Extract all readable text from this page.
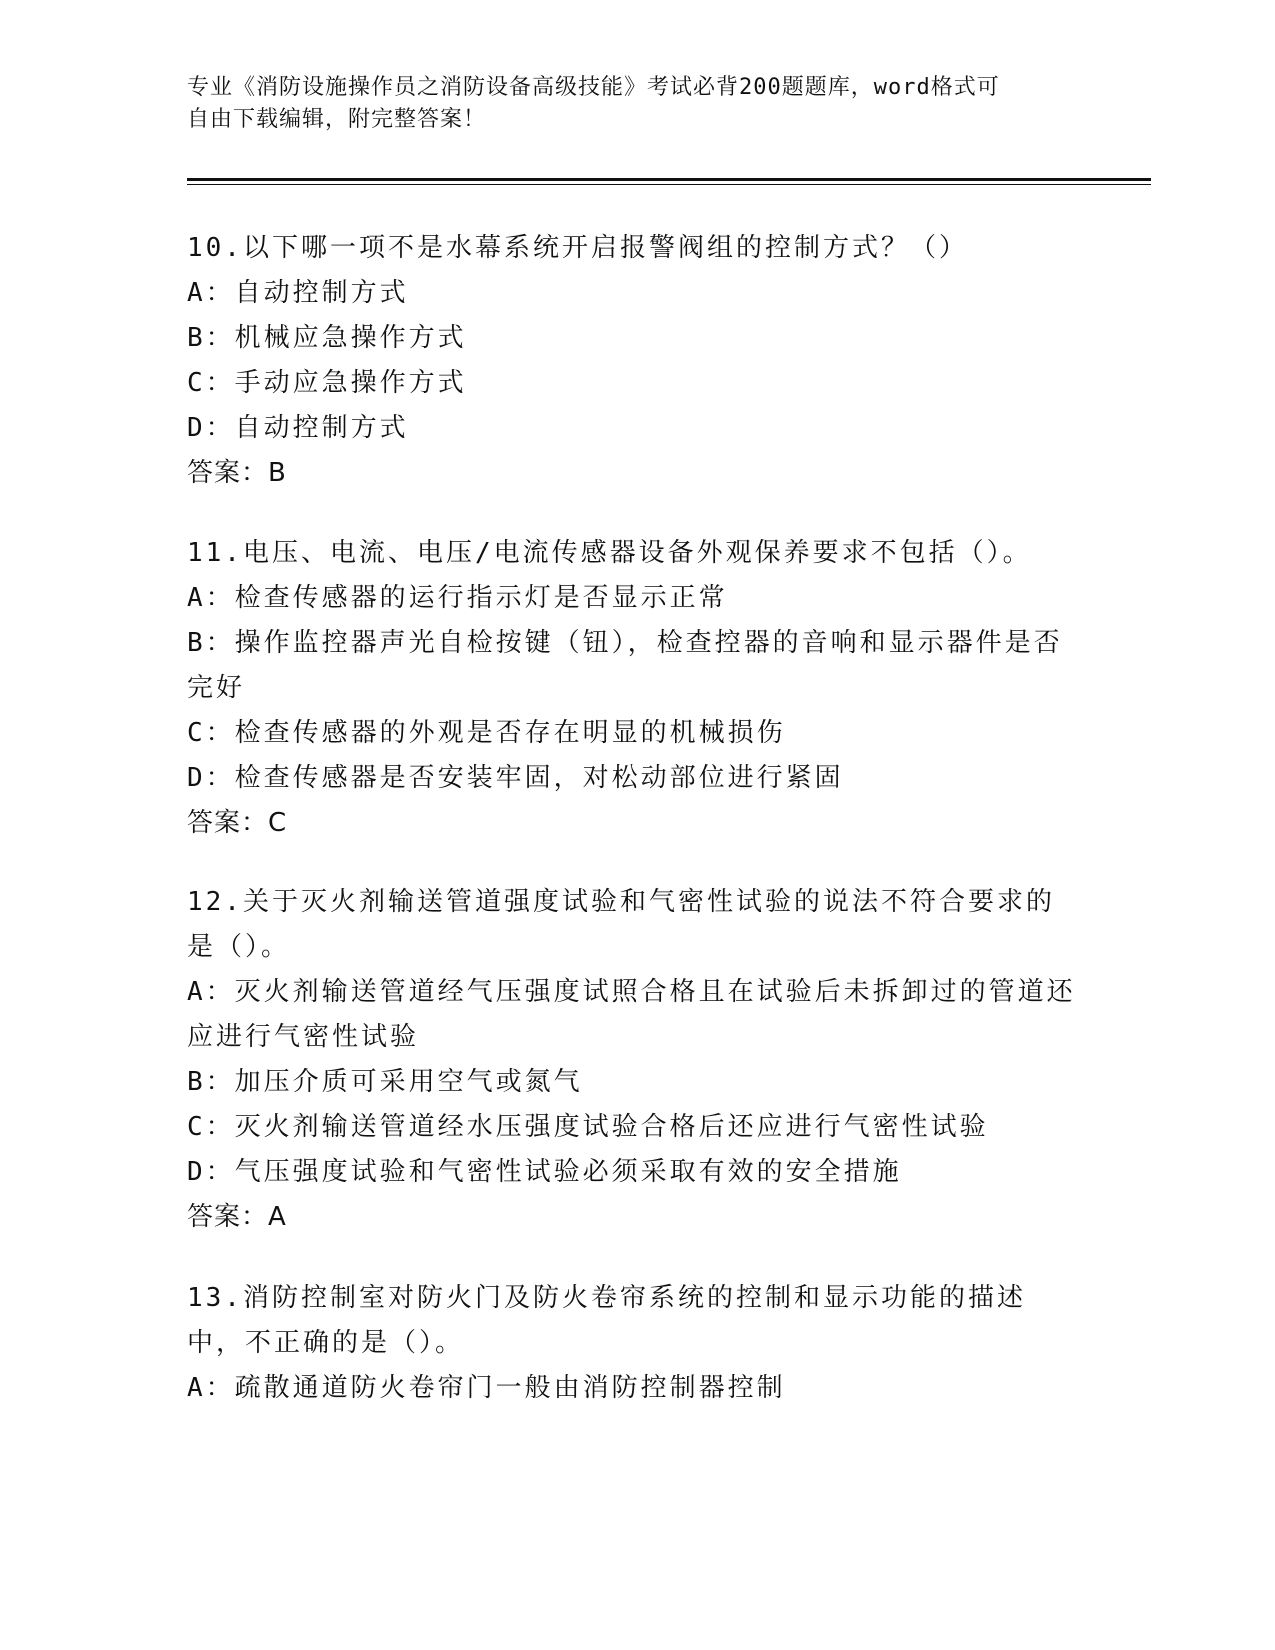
专业《消防设施操作员之消防设备高级技能》考试必背200题题库，word格式可
自由下载编辑，附完整答案！
10.以下哪一项不是水幕系统开启报警阀组的控制方式？（）
A：自动控制方式
B：机械应急操作方式
C：手动应急操作方式
D：自动控制方式
答案：B
11.电压、电流、电压/电流传感器设备外观保养要求不包括（）。
A：检查传感器的运行指示灯是否显示正常
B：操作监控器声光自检按键（钮），检查控器的音响和显示器件是否完好
C：检查传感器的外观是否存在明显的机械损伤
D：检查传感器是否安装牢固，对松动部位进行紧固
答案：C
12.关于灭火剂输送管道强度试验和气密性试验的说法不符合要求的是（）。
A：灭火剂输送管道经气压强度试照合格且在试验后未拆卸过的管道还应进行气密性试验
B：加压介质可采用空气或氮气
C：灭火剂输送管道经水压强度试验合格后还应进行气密性试验
D：气压强度试验和气密性试验必须采取有效的安全措施
答案：A
13.消防控制室对防火门及防火卷帘系统的控制和显示功能的描述中，不正确的是（）。
A：疏散通道防火卷帘门一般由消防控制器控制
